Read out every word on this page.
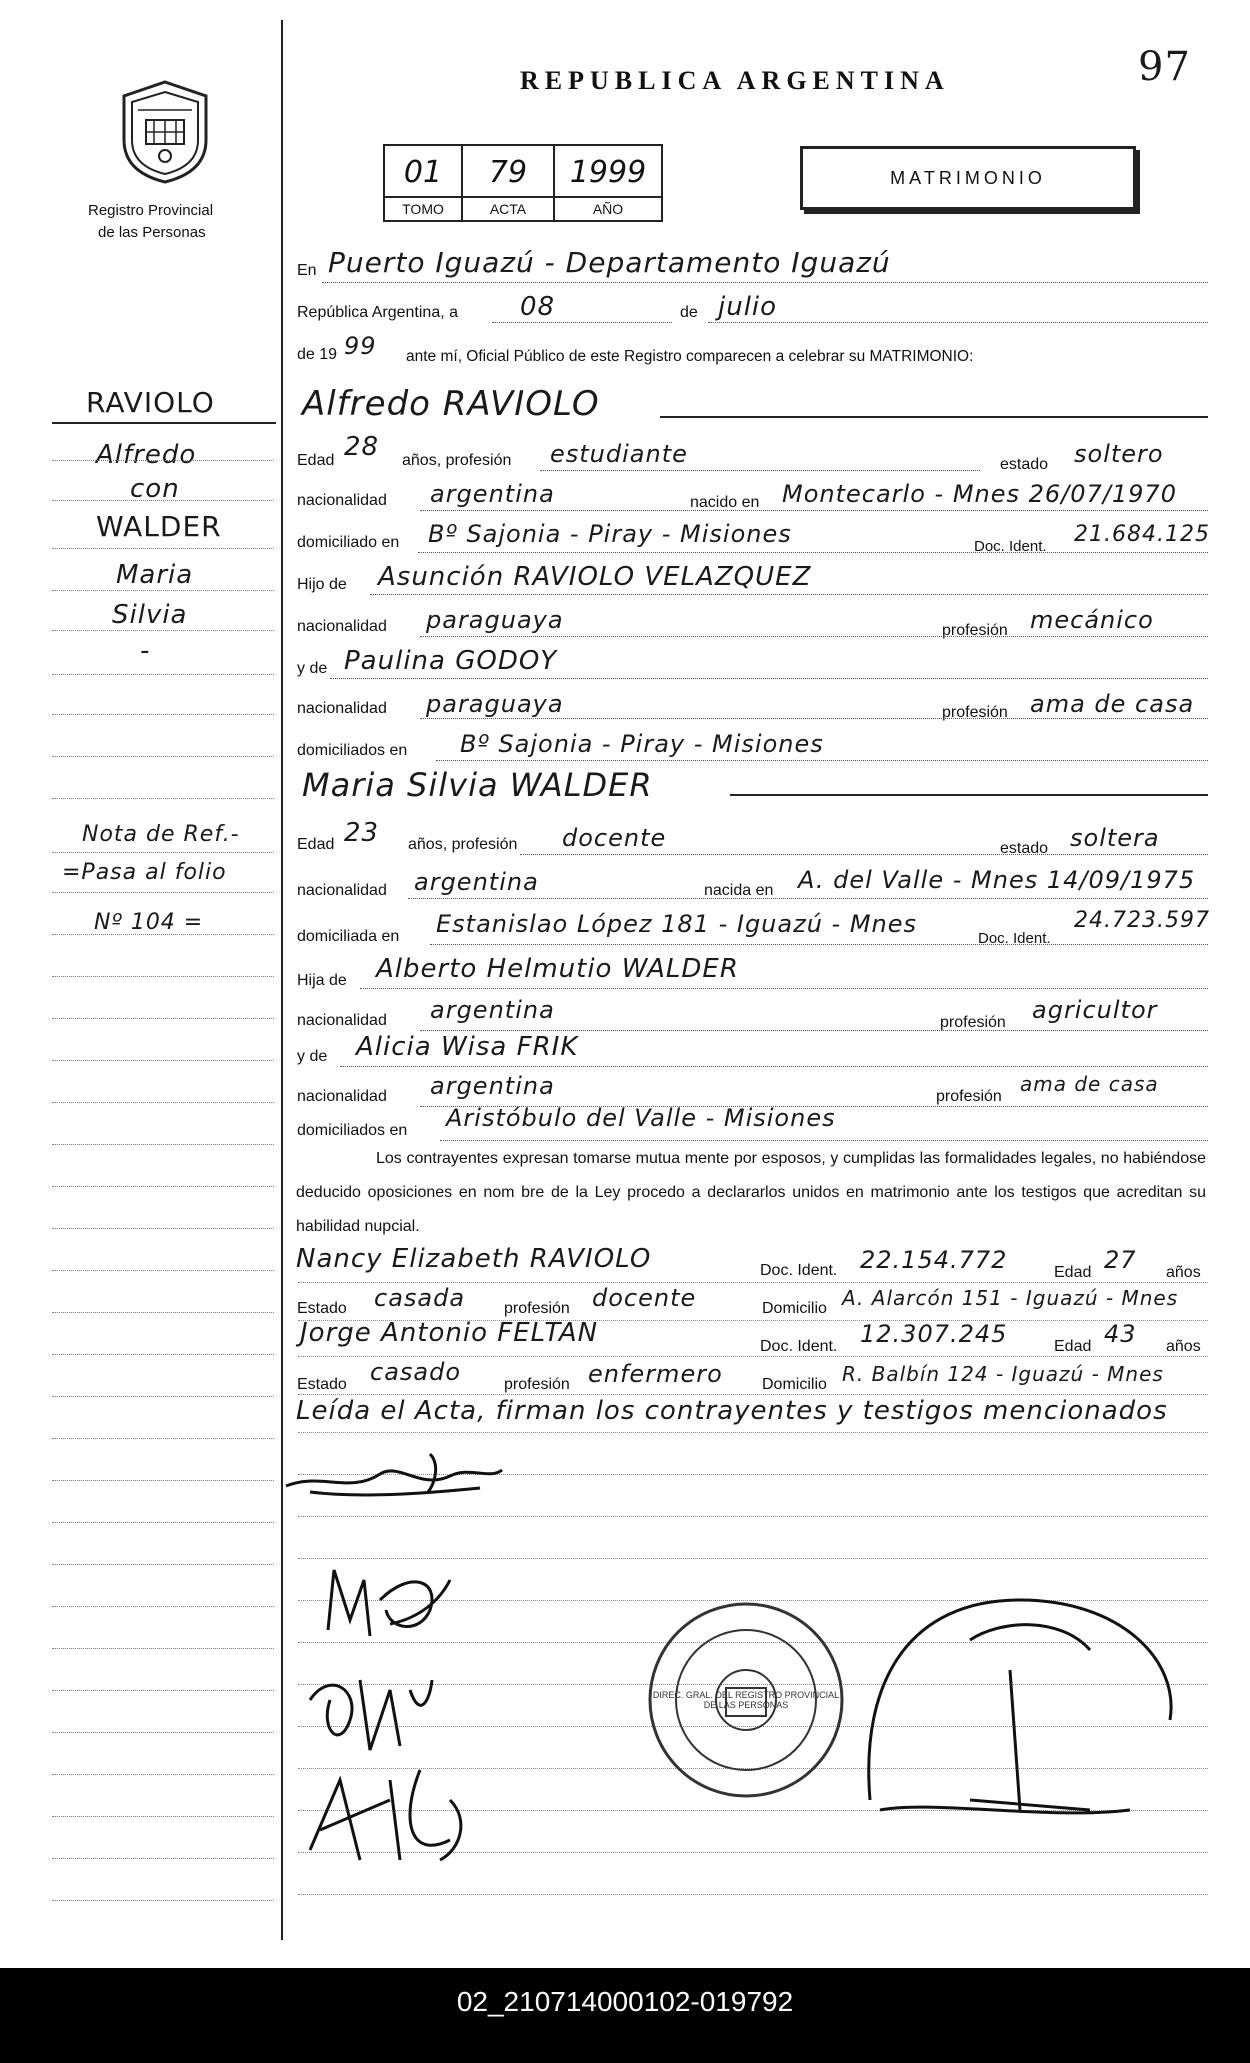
97
REPUBLICA ARGENTINA
Registro Provincial
de las Personas
01
TOMO
79
ACTA
1999
AÑO
MATRIMONIO
RAVIOLO
Alfredo
con
WALDER
Maria
Silvia
-
Nota de Ref.-
=Pasa al folio
Nº 104 =
En Puerto Iguazú - Departamento Iguazú
República Argentina, a 08	de julio
de 19 99 ante mí, Oficial Público de este Registro comparecen a celebrar su MATRIMONIO:
Alfredo RAVIOLO
Edad 28 años, profesión estudiante	estado soltero
nacionalidad argentina	nacido en Montecarlo - Mnes 26/07/1970
domiciliado en Bº Sajonia - Piray - Misiones	Doc. Ident. 21.684.125
Hijo de Asunción RAVIOLO VELAZQUEZ
nacionalidad paraguaya	profesión mecánico
y de Paulina GODOY
nacionalidad paraguaya	profesión ama de casa
domiciliados en Bº Sajonia - Piray - Misiones
Maria Silvia WALDER
Edad 23 años, profesión docente	estado soltera
nacionalidad argentina	nacida en A. del Valle - Mnes 14/09/1975
domiciliada en Estanislao López 181 - Iguazú - Mnes
Doc. Ident.
24.723.597
Hija de Alberto Helmutio WALDER
nacionalidad argentina	profesión agricultor
y de Alicia Wisa FRIK
nacionalidad argentina	profesión
ama de casa
domiciliados en Aristóbulo del Valle - Misiones
Los contrayentes expresan tomarse mutua mente por esposos, y cumplidas las formalidades legales, no habiéndose deducido oposiciones en nom bre de la Ley procedo a declararlos unidos en matrimonio ante los testigos que acreditan su habilidad nupcial.
Nancy Elizabeth RAVIOLO	Doc. Ident. 22.154.772	Edad 27 años
Estado casada profesión docente	Domicilio A. Alarcón 151 - Iguazú - Mnes
Jorge Antonio FELTAN	Doc. Ident. 12.307.245	Edad 43 años
Estado casado	profesión enfermero Domicilio R. Balbín 124 - Iguazú - Mnes
Leída el Acta, firman los contrayentes y testigos mencionados
DIREC. GRAL. DEL REGISTRO PROVINCIAL DE LAS PERSONAS
02_210714000102-019792
